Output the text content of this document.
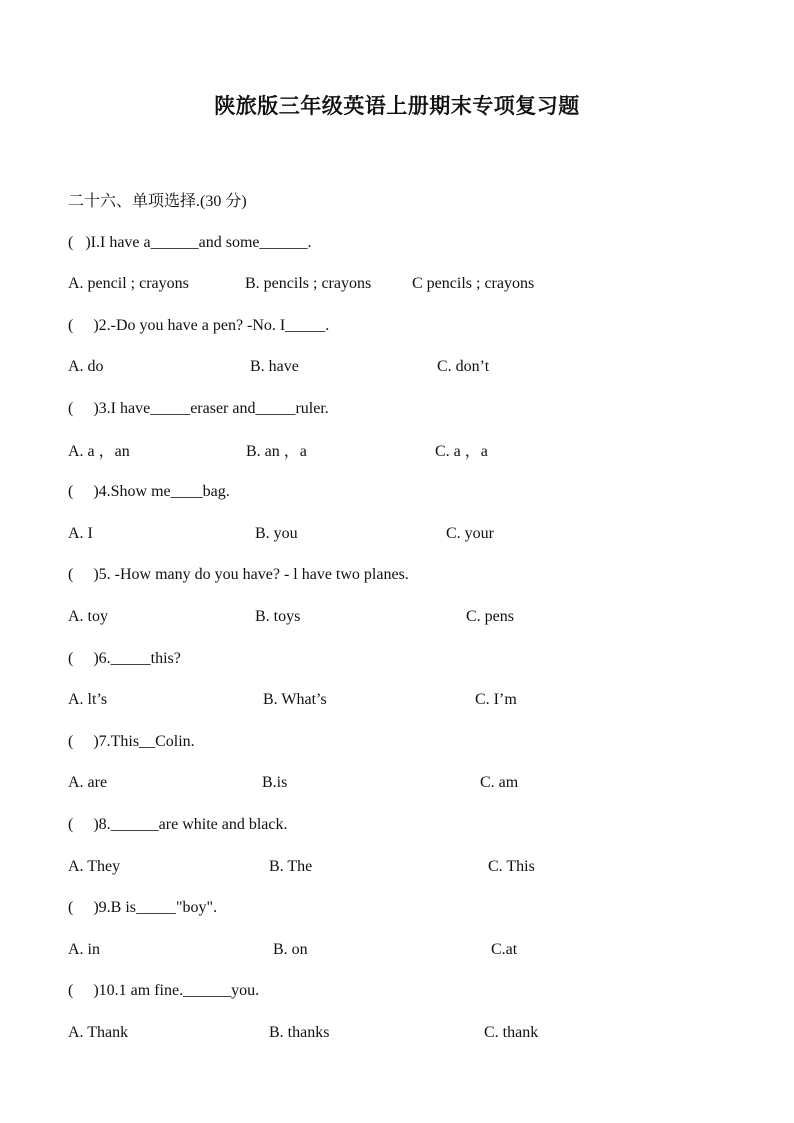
陕旅版三年级英语上册期末专项复习题
二十六、单项选择.(30 分)
(   )I.I have a______and some______.
A. pencil ; crayons	B. pencils ; crayons	C pencils ; crayons
(     )2.-Do you have a pen? -No. I_____.
A. do	B. have	C. don’t
(     )3.I have_____eraser and_____ruler.
A. a ，an	B. an ，a	C. a ，a
(     )4.Show me____bag.
A. I	B. you	C. your
(     )5. -How many do you have? - l have two planes.
A. toy	B. toys	C. pens
(     )6._____this?
A. lt’s	B. What’s	C. I’m
(     )7.This__Colin.
A. are	B.is	C. am
(     )8.______are white and black.
A. They	B. The	C. This
(     )9.B is_____"boy".
A. in	B. on	C.at
(     )10.1 am fine.______you.
A. Thank	B. thanks	C. thank
